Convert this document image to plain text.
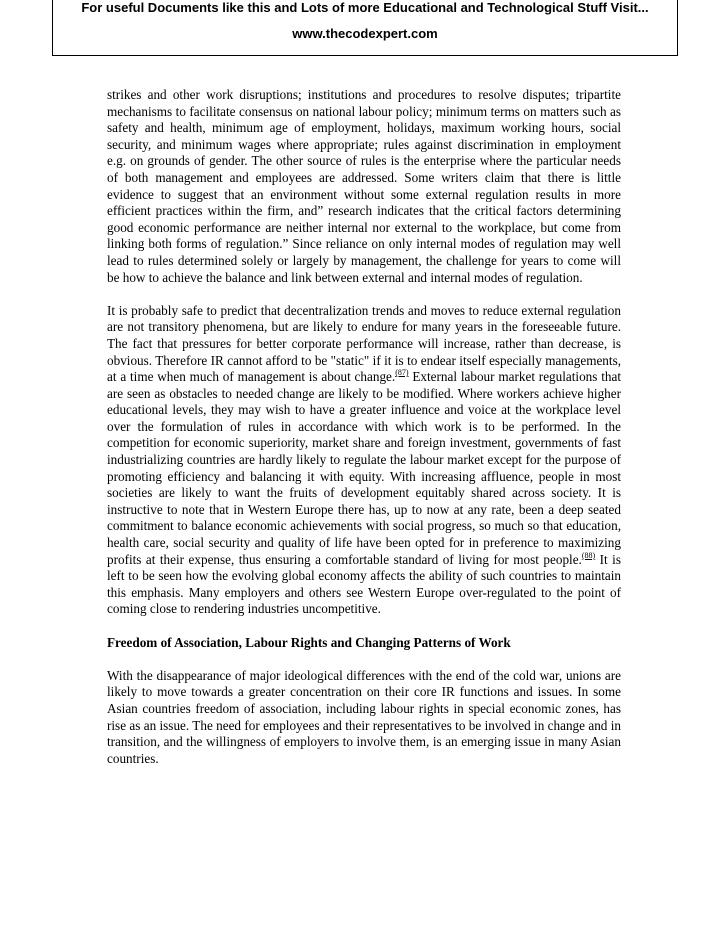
For useful Documents like this and Lots of more Educational and Technological Stuff Visit...
www.thecodexpert.com

strikes and other work disruptions; institutions and procedures to resolve disputes; tripartite mechanisms to facilitate consensus on national labour policy; minimum terms on matters such as safety and health, minimum age of employment, holidays, maximum working hours, social security, and minimum wages where appropriate; rules against discrimination in employment e.g. on grounds of gender. The other source of rules is the enterprise where the particular needs of both management and employees are addressed. Some writers claim that there is little evidence to suggest that an environment without some external regulation results in more efficient practices within the firm, and” research indicates that the critical factors determining good economic performance are neither internal nor external to the workplace, but come from linking both forms of regulation.” Since reliance on only internal modes of regulation may well lead to rules determined solely or largely by management, the challenge for years to come will be how to achieve the balance and link between external and internal modes of regulation.

It is probably safe to predict that decentralization trends and moves to reduce external regulation are not transitory phenomena, but are likely to endure for many years in the foreseeable future. The fact that pressures for better corporate performance will increase, rather than decrease, is obvious. Therefore IR cannot afford to be "static" if it is to endear itself especially managements, at a time when much of management is about change.$^{(87)}$ External labour market regulations that are seen as obstacles to needed change are likely to be modified. Where workers achieve higher educational levels, they may wish to have a greater influence and voice at the workplace level over the formulation of rules in accordance with which work is to be performed. In the competition for economic superiority, market share and foreign investment, governments of fast industrializing countries are hardly likely to regulate the labour market except for the purpose of promoting efficiency and balancing it with equity. With increasing affluence, people in most societies are likely to want the fruits of development equitably shared across society. It is instructive to note that in Western Europe there has, up to now at any rate, been a deep seated commitment to balance economic achievements with social progress, so much so that education, health care, social security and quality of life have been opted for in preference to maximizing profits at their expense, thus ensuring a comfortable standard of living for most people.$^{(88)}$ It is left to be seen how the evolving global economy affects the ability of such countries to maintain this emphasis. Many employers and others see Western Europe over-regulated to the point of coming close to rendering industries uncompetitive.

Freedom of Association, Labour Rights and Changing Patterns of Work

With the disappearance of major ideological differences with the end of the cold war, unions are likely to move towards a greater concentration on their core IR functions and issues. In some Asian countries freedom of association, including labour rights in special economic zones, has rise as an issue. The need for employees and their representatives to be involved in change and in transition, and the willingness of employers to involve them, is an emerging issue in many Asian countries.
